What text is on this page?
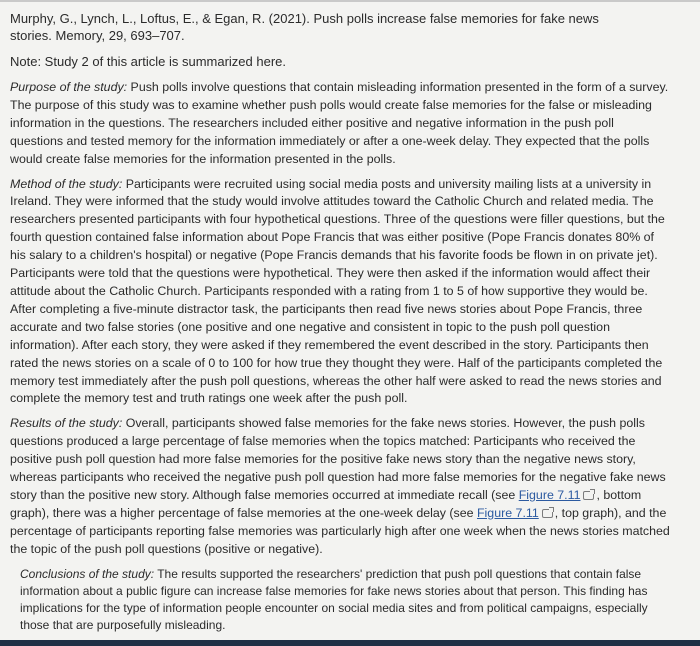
Murphy, G., Lynch, L., Loftus, E., & Egan, R. (2021). Push polls increase false memories for fake news
stories. Memory, 29, 693–707.

Note: Study 2 of this article is summarized here.

Purpose of the study: Push polls involve questions that contain misleading information presented in the form of a survey. The purpose of this study was to examine whether push polls would create false memories for the false or misleading information in the questions. The researchers included either positive and negative information in the push poll questions and tested memory for the information immediately or after a one-week delay. They expected that the polls would create false memories for the information presented in the polls.

Method of the study: Participants were recruited using social media posts and university mailing lists at a university in Ireland. They were informed that the study would involve attitudes toward the Catholic Church and related media. The researchers presented participants with four hypothetical questions. Three of the questions were filler questions, but the fourth question contained false information about Pope Francis that was either positive (Pope Francis donates 80% of his salary to a children's hospital) or negative (Pope Francis demands that his favorite foods be flown in on private jet). Participants were told that the questions were hypothetical. They were then asked if the information would affect their attitude about the Catholic Church. Participants responded with a rating from 1 to 5 of how supportive they would be. After completing a five-minute distractor task, the participants then read five news stories about Pope Francis, three accurate and two false stories (one positive and one negative and consistent in topic to the push poll question information). After each story, they were asked if they remembered the event described in the story. Participants then rated the news stories on a scale of 0 to 100 for how true they thought they were. Half of the participants completed the memory test immediately after the push poll questions, whereas the other half were asked to read the news stories and complete the memory test and truth ratings one week after the push poll.

Results of the study: Overall, participants showed false memories for the fake news stories. However, the push polls questions produced a large percentage of false memories when the topics matched: Participants who received the positive push poll question had more false memories for the positive fake news story than the negative news story, whereas participants who received the negative push poll question had more false memories for the negative fake news story than the positive new story. Although false memories occurred at immediate recall (see Figure 7.11 , bottom graph), there was a higher percentage of false memories at the one-week delay (see Figure 7.11 , top graph), and the percentage of participants reporting false memories was particularly high after one week when the news stories matched the topic of the push poll questions (positive or negative).

Conclusions of the study: The results supported the researchers' prediction that push poll questions that contain false information about a public figure can increase false memories for fake news stories about that person. This finding has implications for the type of information people encounter on social media sites and from political campaigns, especially those that are purposefully misleading.
